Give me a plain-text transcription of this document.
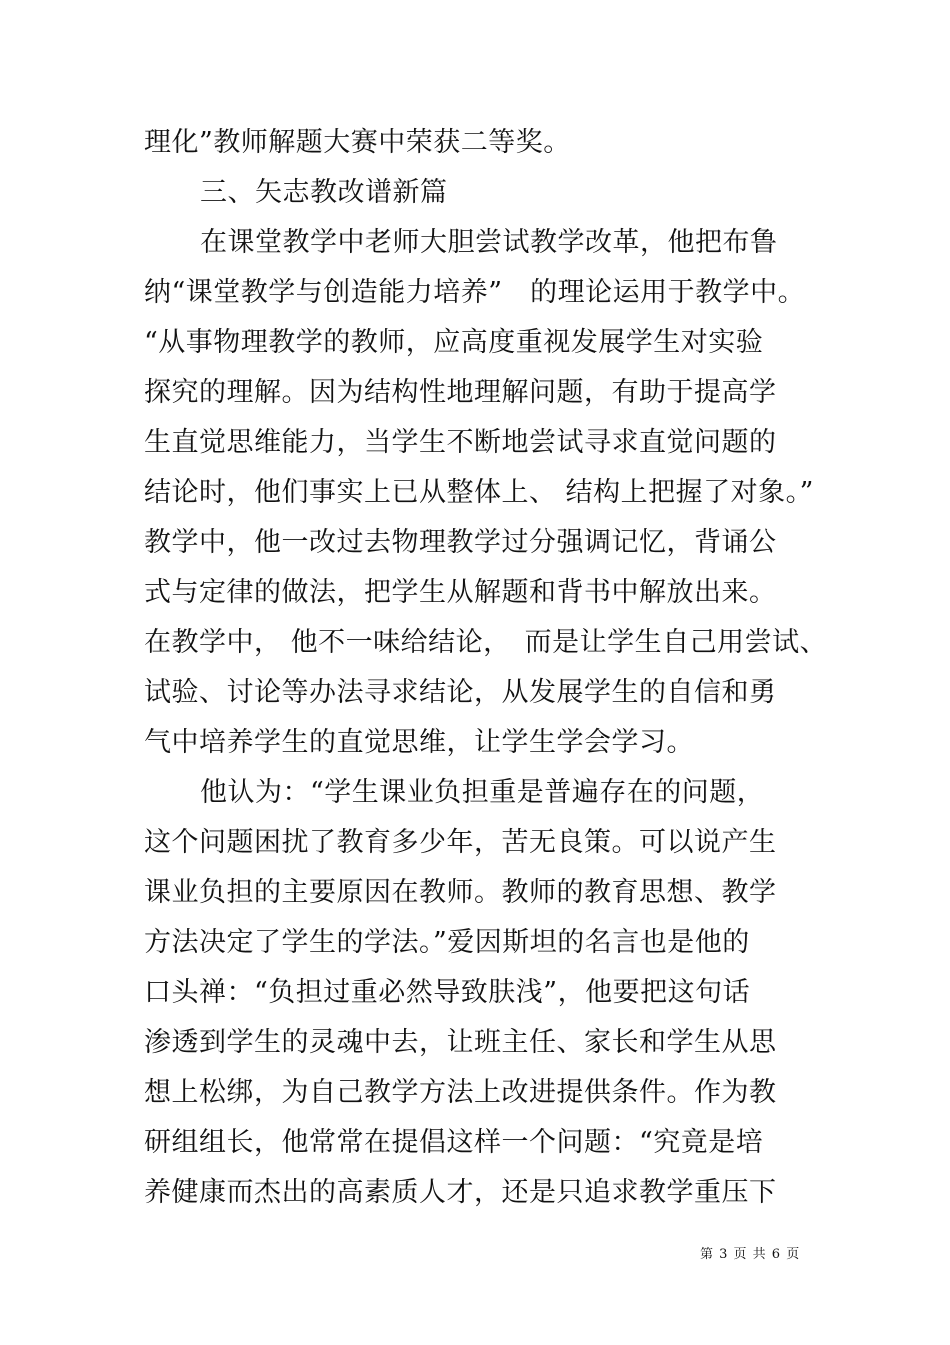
理化”教师解题大赛中荣获二等奖。
三、矢志教改谱新篇
在课堂教学中老师大胆尝试教学改革，他把布鲁
纳“课堂教学与创造能力培养”　的理论运用于教学中。
“从事物理教学的教师，应高度重视发展学生对实验
探究的理解。因为结构性地理解问题，有助于提高学
生直觉思维能力，当学生不断地尝试寻求直觉问题的
结论时，他们事实上已从整体上、 结构上把握了对象。”
教学中，他一改过去物理教学过分强调记忆，背诵公
式与定律的做法，把学生从解题和背书中解放出来。
在教学中， 他不一味给结论，　而是让学生自己用尝试、
试验、讨论等办法寻求结论，从发展学生的自信和勇
气中培养学生的直觉思维，让学生学会学习。
他认为：“学生课业负担重是普遍存在的问题，
这个问题困扰了教育多少年，苦无良策。可以说产生
课业负担的主要原因在教师。教师的教育思想、教学
方法决定了学生的学法。”爱因斯坦的名言也是他的
口头禅：“负担过重必然导致肤浅”，他要把这句话
渗透到学生的灵魂中去，让班主任、家长和学生从思
想上松绑，为自己教学方法上改进提供条件。作为教
研组组长，他常常在提倡这样一个问题：“究竟是培
养健康而杰出的高素质人才，还是只追求教学重压下
第 3 页 共 6 页
